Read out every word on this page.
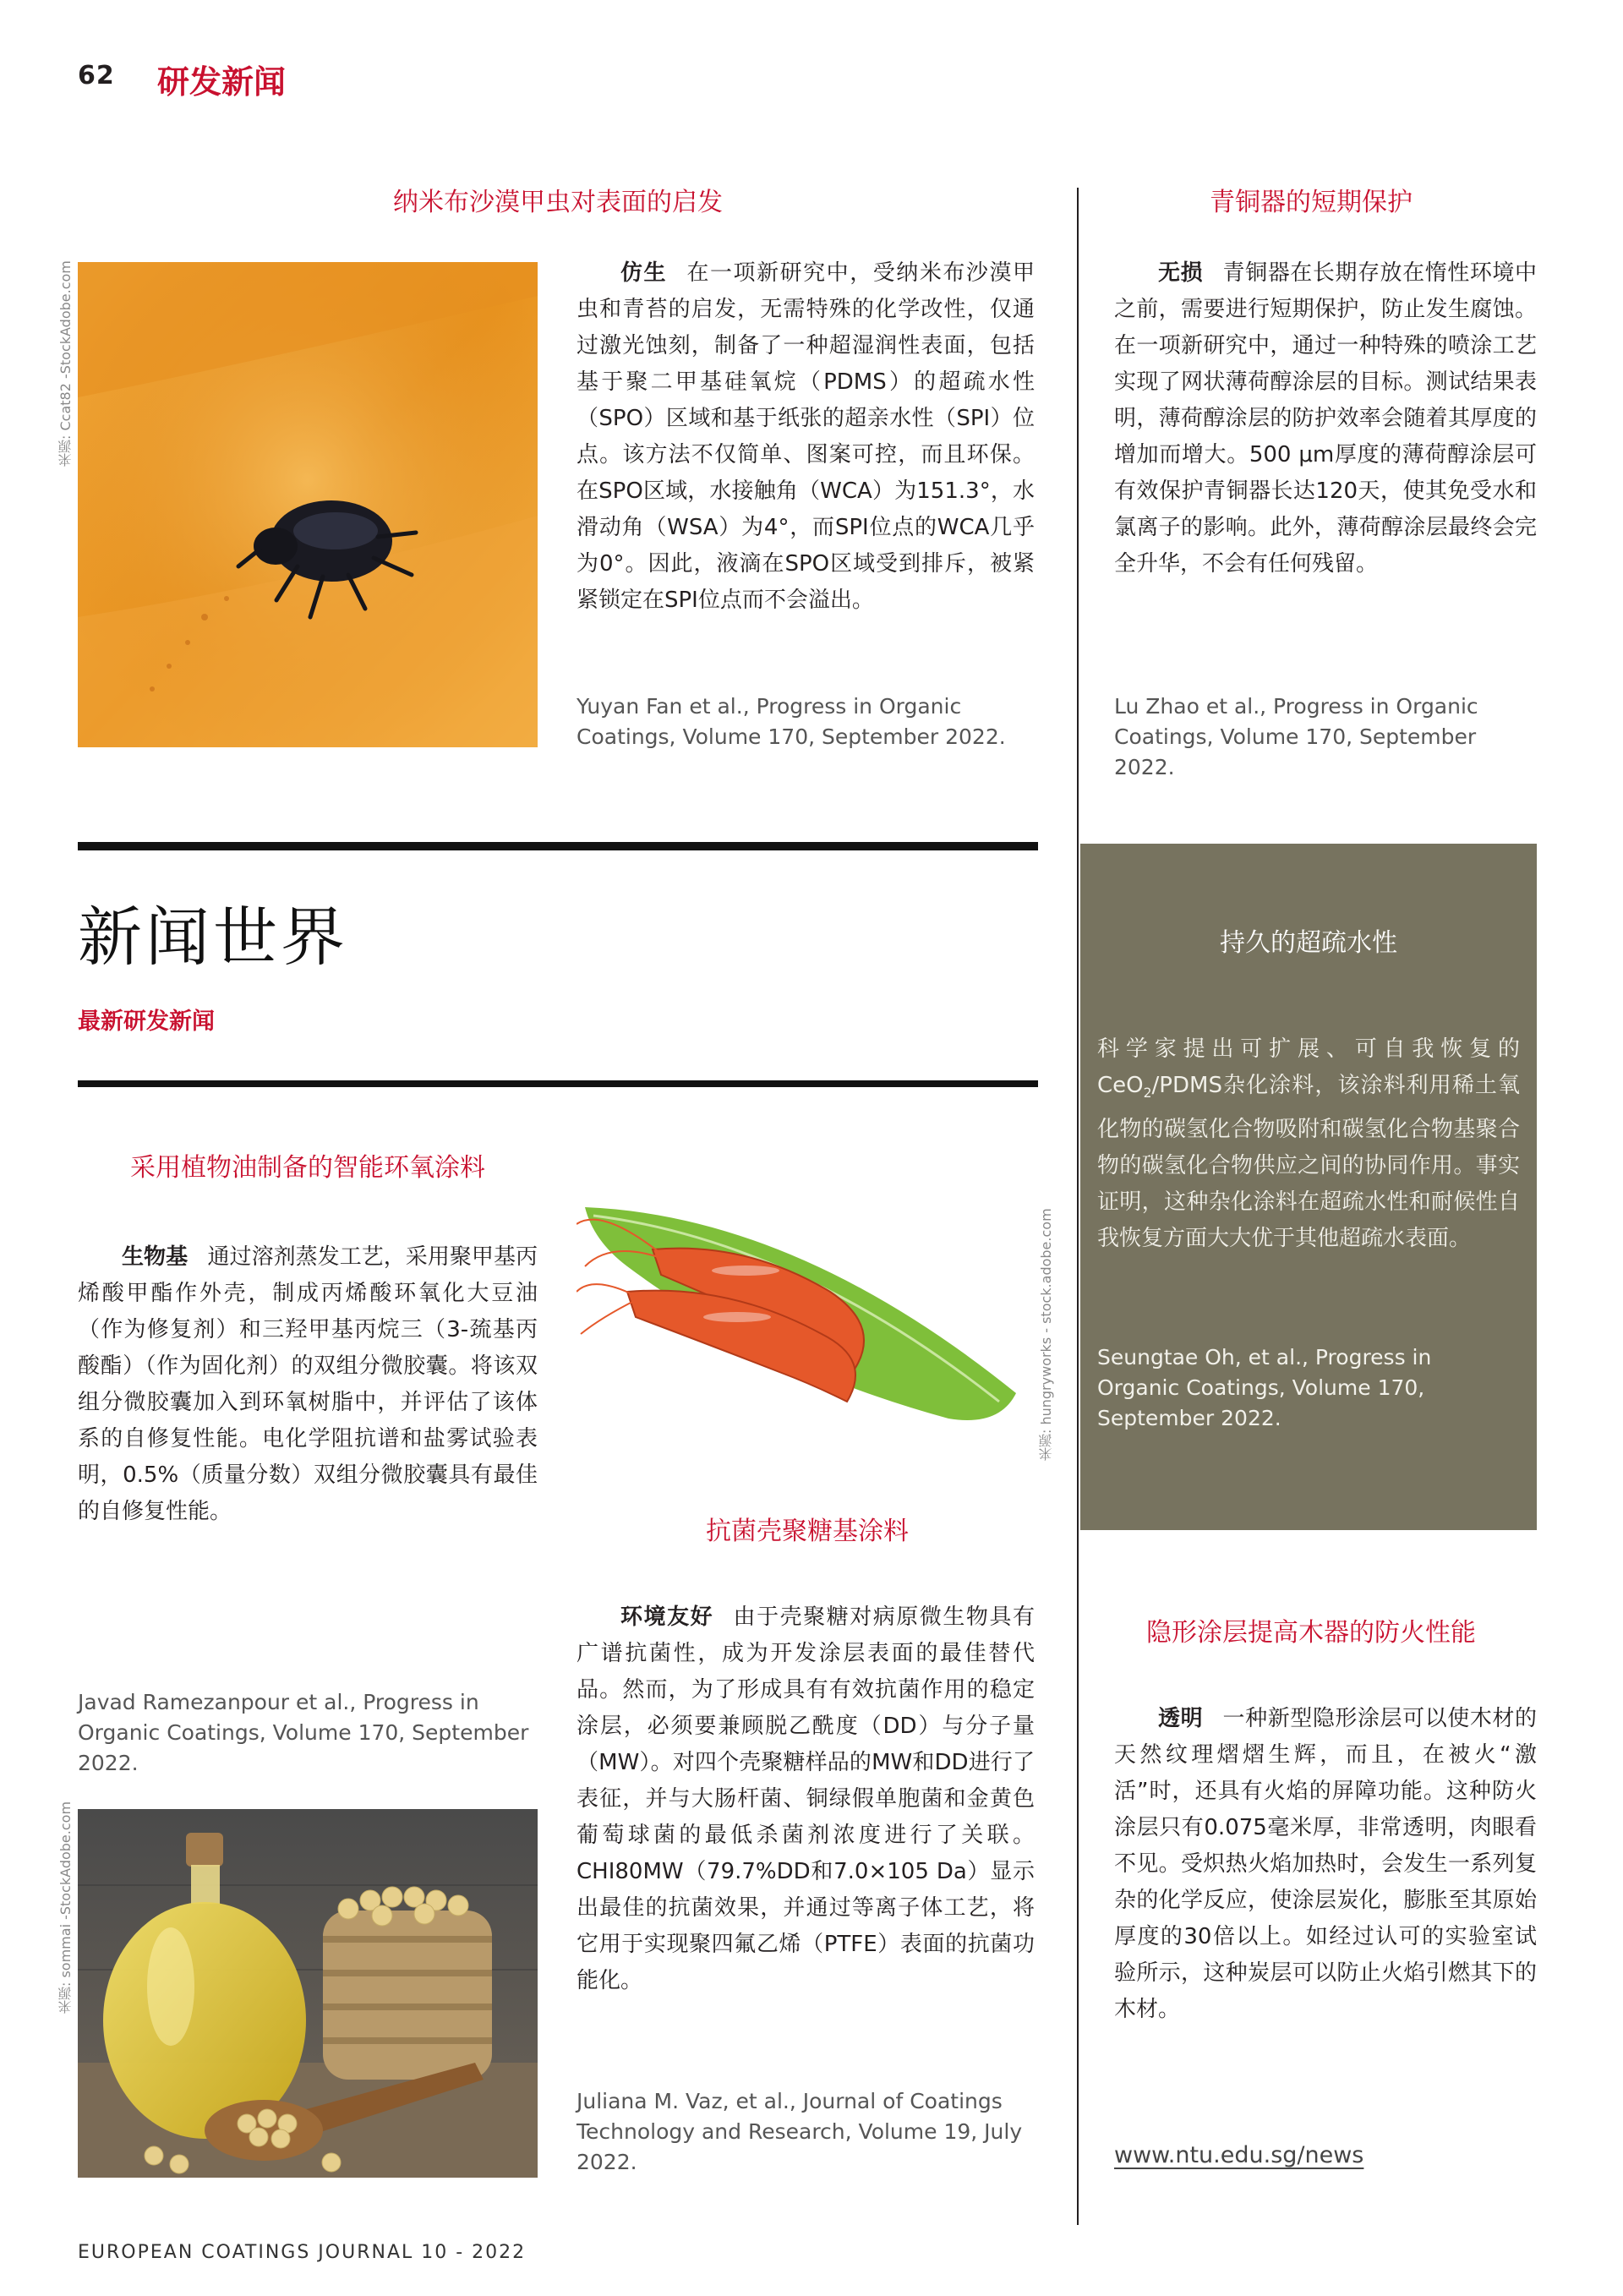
62 研发新闻
纳米布沙漠甲虫对表面的启发
来源: Ccat82 -StockAdobe.com	仿生 在一项新研究中，受纳米布沙漠甲虫和青苔的启发，无需特殊的化学改性，仅通过激光蚀刻，制备了一种超湿润性表面，包括基于聚二甲基硅氧烷（PDMS）的超疏水性（SPO）区域和基于纸张的超亲水性（SPI）位点。该方法不仅简单、图案可控，而且环保。在SPO区域，水接触角（WCA）为151.3°，水滑动角（WSA）为4°，而SPI位点的WCA几乎为0°。因此，液滴在SPO区域受到排斥，被紧紧锁定在SPI位点而不会溢出。
Yuyan Fan et al., Progress in Organic Coatings, Volume 170, September 2022.
青铜器的短期保护
无损 青铜器在长期存放在惰性环境中之前，需要进行短期保护，防止发生腐蚀。在一项新研究中，通过一种特殊的喷涂工艺实现了网状薄荷醇涂层的目标。测试结果表明，薄荷醇涂层的防护效率会随着其厚度的增加而增大。500 μm厚度的薄荷醇涂层可有效保护青铜器长达120天，使其免受水和氯离子的影响。此外，薄荷醇涂层最终会完全升华，不会有任何残留。
Lu Zhao et al., Progress in Organic Coatings, Volume 170, September 2022.
新闻世界
最新研发新闻
持久的超疏水性
科学家提出可扩展、可自我恢复的CeO$_2$/PDMS杂化涂料，该涂料利用稀土氧化物的碳氢化合物吸附和碳氢化合物基聚合物的碳氢化合物供应之间的协同作用。事实证明，这种杂化涂料在超疏水性和耐候性自我恢复方面大大优于其他超疏水表面。
Seungtae Oh, et al., Progress in Organic Coatings, Volume 170, September 2022.
采用植物油制备的智能环氧涂料
生物基 通过溶剂蒸发工艺，采用聚甲基丙烯酸甲酯作外壳，制成丙烯酸环氧化大豆油（作为修复剂）和三羟甲基丙烷三（3-巯基丙酸酯）（作为固化剂）的双组分微胶囊。将该双组分微胶囊加入到环氧树脂中，并评估了该体系的自修复性能。电化学阻抗谱和盐雾试验表明，0.5%（质量分数）双组分微胶囊具有最佳的自修复性能。
Javad Ramezanpour et al., Progress in Organic Coatings, Volume 170, September 2022.
来源: sommai -StockAdobe.com
来源: hungryworks - stock.adobe.com
抗菌壳聚糖基涂料
环境友好 由于壳聚糖对病原微生物具有广谱抗菌性，成为开发涂层表面的最佳替代品。然而，为了形成具有有效抗菌作用的稳定涂层，必须要兼顾脱乙酰度（DD）与分子量（MW）。对四个壳聚糖样品的MW和DD进行了表征，并与大肠杆菌、铜绿假单胞菌和金黄色葡萄球菌的最低杀菌剂浓度进行了关联。CHI80MW（79.7%DD和7.0×105 Da）显示出最佳的抗菌效果，并通过等离子体工艺，将它用于实现聚四氟乙烯（PTFE）表面的抗菌功能化。
Juliana M. Vaz, et al., Journal of Coatings Technology and Research, Volume 19, July 2022.
隐形涂层提高木器的防火性能
透明 一种新型隐形涂层可以使木材的天然纹理熠熠生辉，而且，在被火“激活”时，还具有火焰的屏障功能。这种防火涂层只有0.075毫米厚，非常透明，肉眼看不见。受炽热火焰加热时，会发生一系列复杂的化学反应，使涂层炭化，膨胀至其原始厚度的30倍以上。如经过认可的实验室试验所示，这种炭层可以防止火焰引燃其下的木材。
www.ntu.edu.sg/news
EUROPEAN COATINGS JOURNAL 10 - 2022
